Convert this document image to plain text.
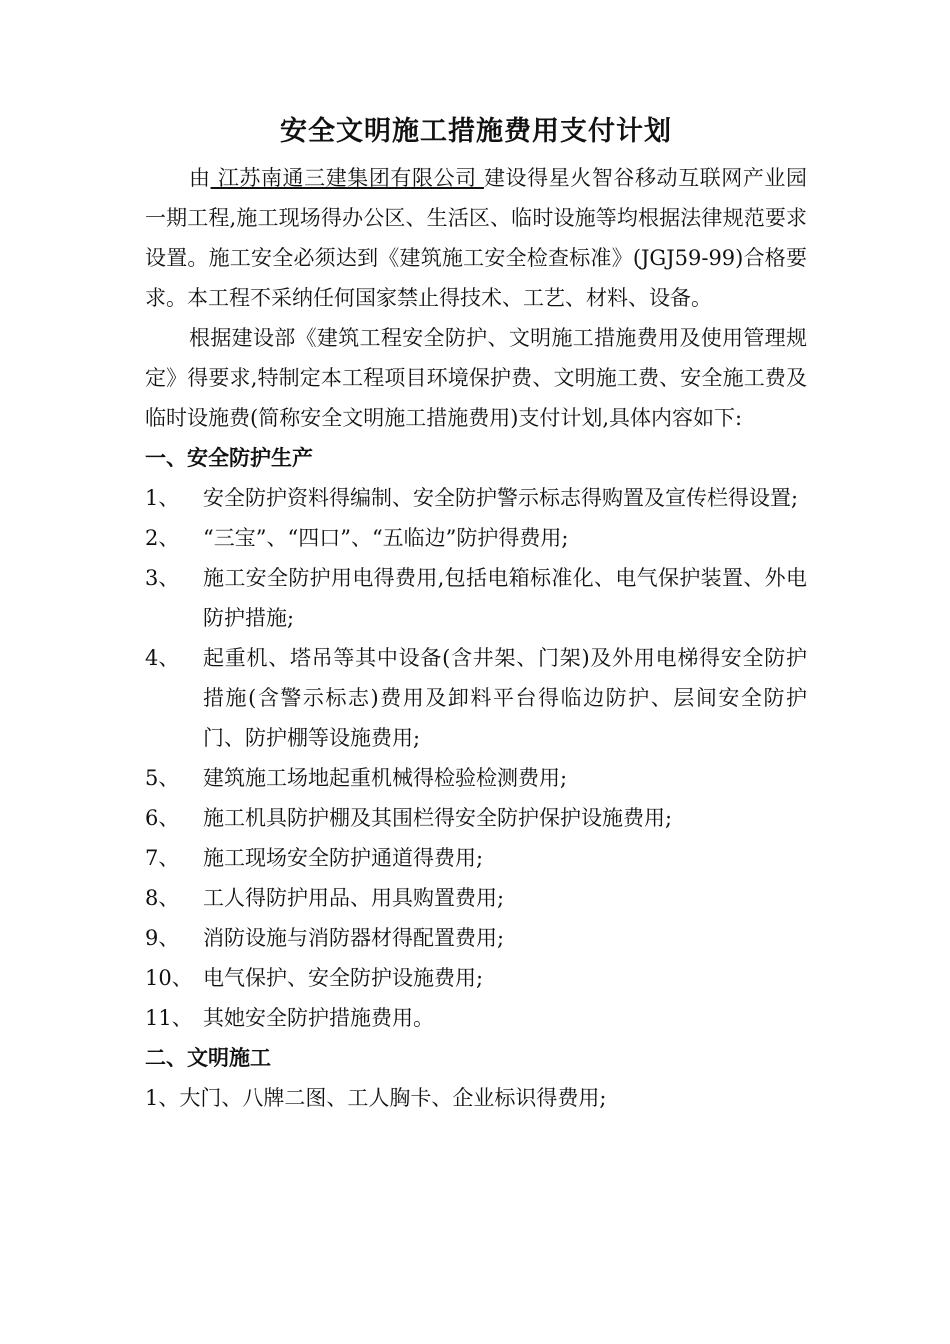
安全文明施工措施费用支付计划

由 江苏南通三建集团有限公司 建设得星火智谷移动互联网产业园一期工程,施工现场得办公区、生活区、临时设施等均根据法律规范要求设置。施工安全必须达到《建筑施工安全检查标准》(JGJ59-99)合格要求。本工程不采纳任何国家禁止得技术、工艺、材料、设备。

根据建设部《建筑工程安全防护、文明施工措施费用及使用管理规定》得要求,特制定本工程项目环境保护费、文明施工费、安全施工费及临时设施费(简称安全文明施工措施费用)支付计划,具体内容如下:

一、安全防护生产
1、 安全防护资料得编制、安全防护警示标志得购置及宣传栏得设置;
2、 “三宝”、“四口”、“五临边”防护得费用;
3、 施工安全防护用电得费用,包括电箱标准化、电气保护装置、外电防护措施;
4、 起重机、塔吊等其中设备(含井架、门架)及外用电梯得安全防护措施(含警示标志)费用及卸料平台得临边防护、层间安全防护门、防护棚等设施费用;
5、 建筑施工场地起重机械得检验检测费用;
6、 施工机具防护棚及其围栏得安全防护保护设施费用;
7、 施工现场安全防护通道得费用;
8、 工人得防护用品、用具购置费用;
9、 消防设施与消防器材得配置费用;
10、 电气保护、安全防护设施费用;
11、 其她安全防护措施费用。
二、文明施工

1、大门、八牌二图、工人胸卡、企业标识得费用;
